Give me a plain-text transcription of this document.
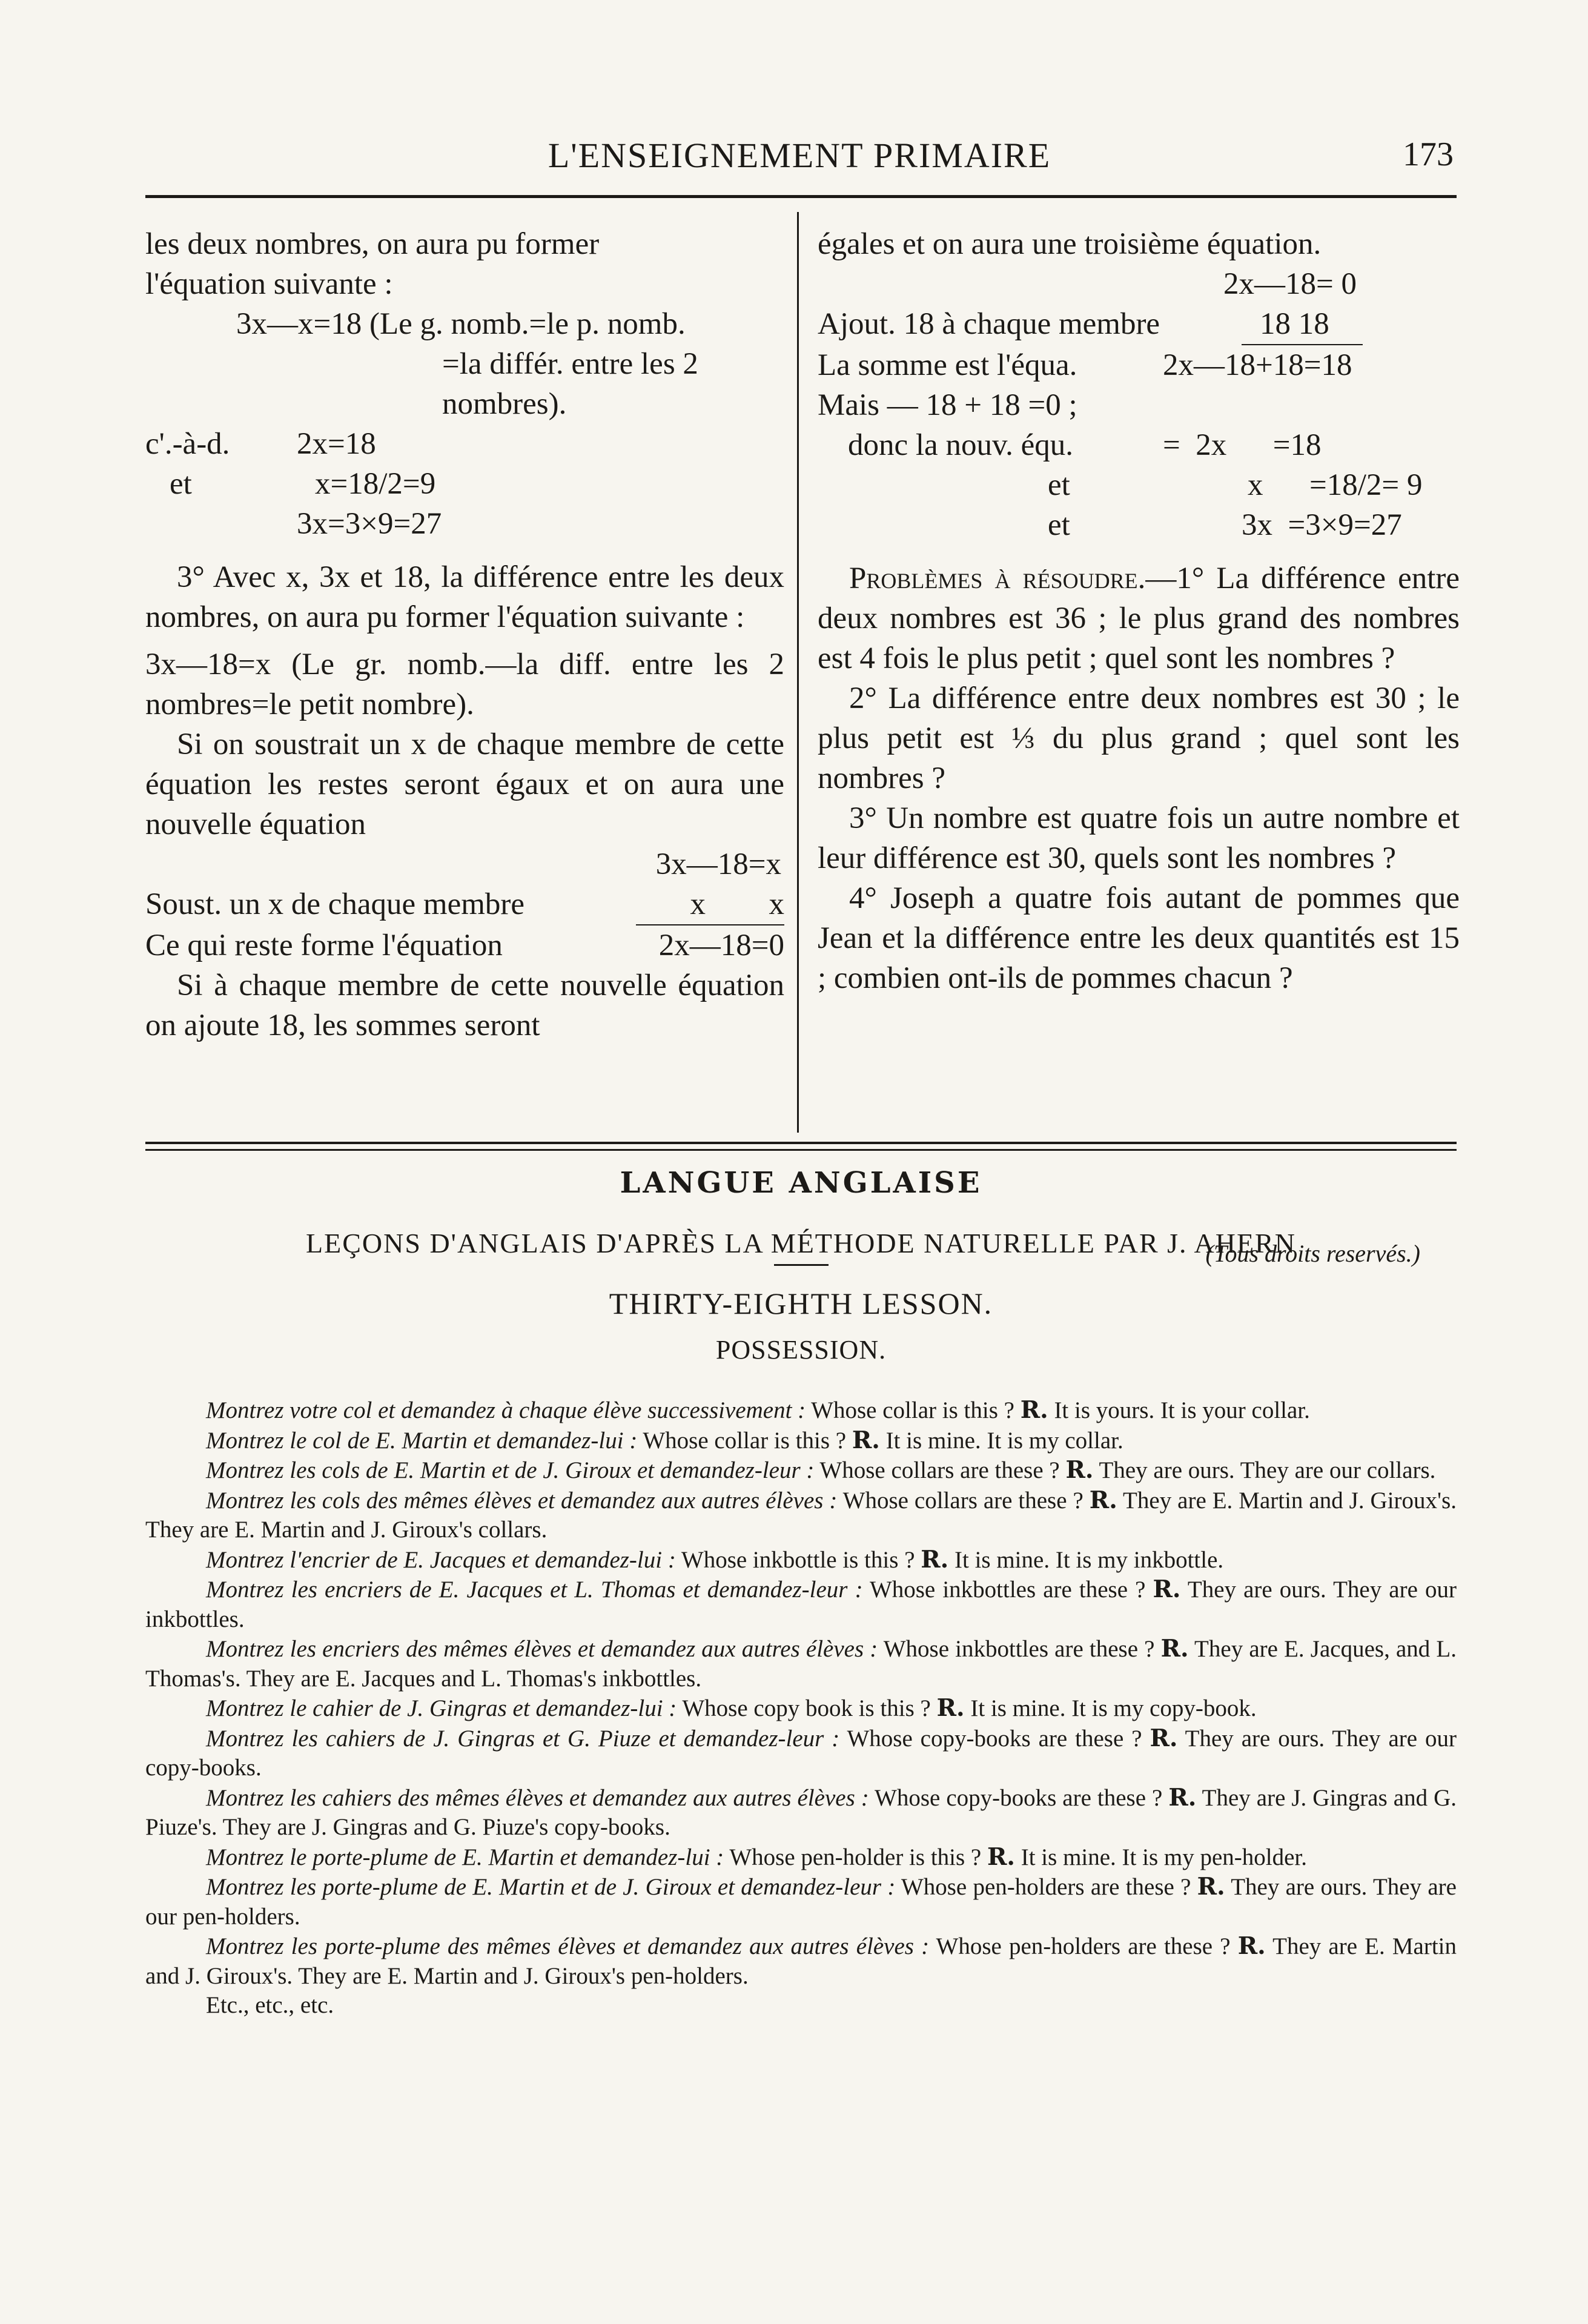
L'ENSEIGNEMENT PRIMAIRE	173

les deux nombres, on aura pu former

l'équation suivante :

3x—x=18 (Le g. nomb.=le p. nomb.

=la différ. entre les 2

nombres).

c'.-à-d.	2x=18

et	x=18/2=9

3x=3×9=27

3° Avec x, 3x et 18, la différence entre les deux nombres, on aura pu former l'équation suivante :

3x—18=x (Le gr. nomb.—la diff. entre les 2 nombres=le petit nombre).

Si on soustrait un x de chaque membre de cette équation les restes seront égaux et on aura une nouvelle équation

3x—18=x

Soust. un x de chaque membre	x	x

Ce qui reste forme l'équation	2x—18=0

Si à chaque membre de cette nouvelle équation on ajoute 18, les sommes seront

égales et on aura une troisième équation.

2x—18= 0

Ajout. 18 à chaque membre	18 18

La somme est l'équa.	2x—18+18=18

Mais — 18 + 18 =0 ;

donc la nouv. équ.	=  2x      =18

et	x      =18/2= 9

et	3x  =3×9=27

Problèmes à résoudre.—1° La différence entre deux nombres est 36 ; le plus grand des nombres est 4 fois le plus petit ; quel sont les nombres ?

2° La différence entre deux nombres est 30 ; le plus petit est ⅓ du plus grand ; quel sont les nombres ?

3° Un nombre est quatre fois un autre nombre et leur différence est 30, quels sont les nombres ?

4° Joseph a quatre fois autant de pommes que Jean et la différence entre les deux quantités est 15 ; combien ont-ils de pommes chacun ?

LANGUE ANGLAISE
LEÇONS D'ANGLAIS D'APRÈS LA MÉTHODE NATURELLE PAR J. AHERN
(Tous droits reservés.)
THIRTY-EIGHTH LESSON.
POSSESSION.

Montrez votre col et demandez à chaque élève successivement : Whose collar is this ? R. It is yours. It is your collar.

Montrez le col de E. Martin et demandez-lui : Whose collar is this ? R. It is mine. It is my collar.

Montrez les cols de E. Martin et de J. Giroux et demandez-leur : Whose collars are these ? R. They are ours. They are our collars.

Montrez les cols des mêmes élèves et demandez aux autres élèves : Whose collars are these ? R. They are E. Martin and J. Giroux's. They are E. Martin and J. Giroux's collars.

Montrez l'encrier de E. Jacques et demandez-lui : Whose inkbottle is this ? R. It is mine. It is my inkbottle.

Montrez les encriers de E. Jacques et L. Thomas et demandez-leur : Whose inkbottles are these ? R. They are ours. They are our inkbottles.

Montrez les encriers des mêmes élèves et demandez aux autres élèves : Whose inkbottles are these ? R. They are E. Jacques, and L. Thomas's. They are E. Jacques and L. Thomas's inkbottles.

Montrez le cahier de J. Gingras et demandez-lui : Whose copy book is this ? R. It is mine. It is my copy-book.

Montrez les cahiers de J. Gingras et G. Piuze et demandez-leur : Whose copy-books are these ? R. They are ours. They are our copy-books.

Montrez les cahiers des mêmes élèves et demandez aux autres élèves : Whose copy-books are these ? R. They are J. Gingras and G. Piuze's. They are J. Gingras and G. Piuze's copy-books.

Montrez le porte-plume de E. Martin et demandez-lui : Whose pen-holder is this ? R. It is mine. It is my pen-holder.

Montrez les porte-plume de E. Martin et de J. Giroux et demandez-leur : Whose pen-holders are these ? R. They are ours. They are our pen-holders.

Montrez les porte-plume des mêmes élèves et demandez aux autres élèves : Whose pen-holders are these ? R. They are E. Martin and J. Giroux's. They are E. Martin and J. Giroux's pen-holders.

Etc., etc., etc.
